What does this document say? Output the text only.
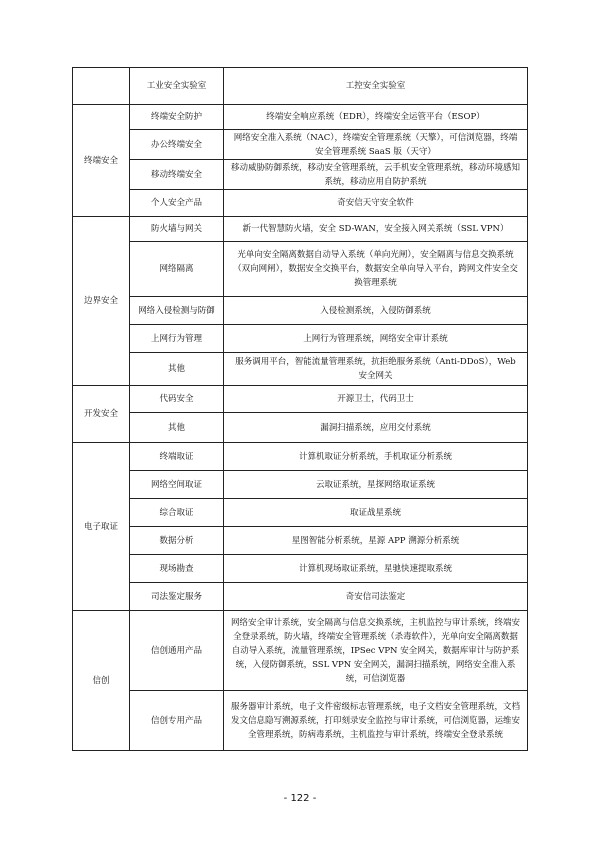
	工业安全实验室	工控安全实验室
终端安全	终端安全防护	终端安全响应系统（EDR），终端安全运管平台（ESOP）
	办公终端安全	网络安全准入系统（NAC），终端安全管理系统（天擎），可信浏览器，终端安全管理系统 SaaS 版（天守）
	移动终端安全	移动威胁防御系统，移动安全管理系统，云手机安全管理系统，移动环境感知系统，移动应用自防护系统
	个人安全产品	奇安信天守安全软件
边界安全	防火墙与网关	新一代智慧防火墙，安全 SD-WAN，安全接入网关系统（SSL VPN）
	网络隔离	光单向安全隔离数据自动导入系统（单向光闸），安全隔离与信息交换系统（双向网闸），数据安全交换平台，数据安全单向导入平台，跨网文件安全交换管理系统
	网络入侵检测与防御	入侵检测系统，入侵防御系统
	上网行为管理	上网行为管理系统，网络安全审计系统
	其他	服务调用平台，智能流量管理系统，抗拒绝服务系统（Anti-DDoS），Web 安全网关
开发安全	代码安全	开源卫士，代码卫士
	其他	漏洞扫描系统，应用交付系统
电子取证	终端取证	计算机取证分析系统，手机取证分析系统
	网络空间取证	云取证系统，星探网络取证系统
	综合取证	取证战星系统
	数据分析	星图智能分析系统，星源 APP 溯源分析系统
	现场勘查	计算机现场取证系统，星驰快速提取系统
	司法鉴定服务	奇安信司法鉴定
信创	信创通用产品	网络安全审计系统，安全隔离与信息交换系统，主机监控与审计系统，终端安全登录系统，防火墙，终端安全管理系统（杀毒软件），光单向安全隔离数据自动导入系统，流量管理系统，IPSec VPN 安全网关，数据库审计与防护系统，入侵防御系统，SSL VPN 安全网关，漏洞扫描系统，网络安全准入系统，可信浏览器
	信创专用产品	服务器审计系统，电子文件密级标志管理系统，电子文档安全管理系统，文档发文信息隐写溯源系统，打印刻录安全监控与审计系统，可信浏览器，运维安全管理系统，防病毒系统，主机监控与审计系统，终端安全登录系统
- 122 -
